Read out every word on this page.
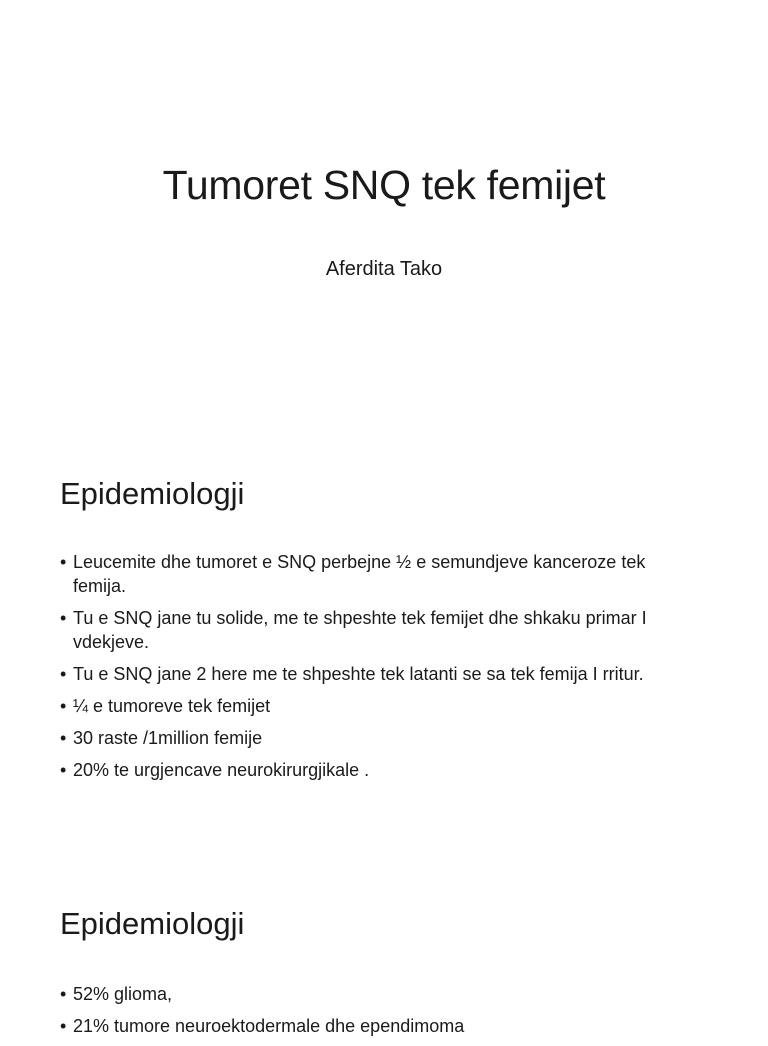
Tumoret SNQ tek femijet

Aferdita Tako

Epidemiologji
• Leucemite dhe tumoret e SNQ perbejne ½ e semundjeve kanceroze tek femija.
• Tu e SNQ jane tu solide, me te shpeshte tek femijet dhe shkaku primar I vdekjeve.
• Tu e SNQ jane 2 here me te shpeshte tek latanti se sa tek femija I rritur.
• ¼ e tumoreve tek femijet
• 30 raste /1million femije
• 20% te urgjencave neurokirurgjikale .
Epidemiologji
• 52% glioma,
• 21% tumore neuroektodermale dhe ependimoma
